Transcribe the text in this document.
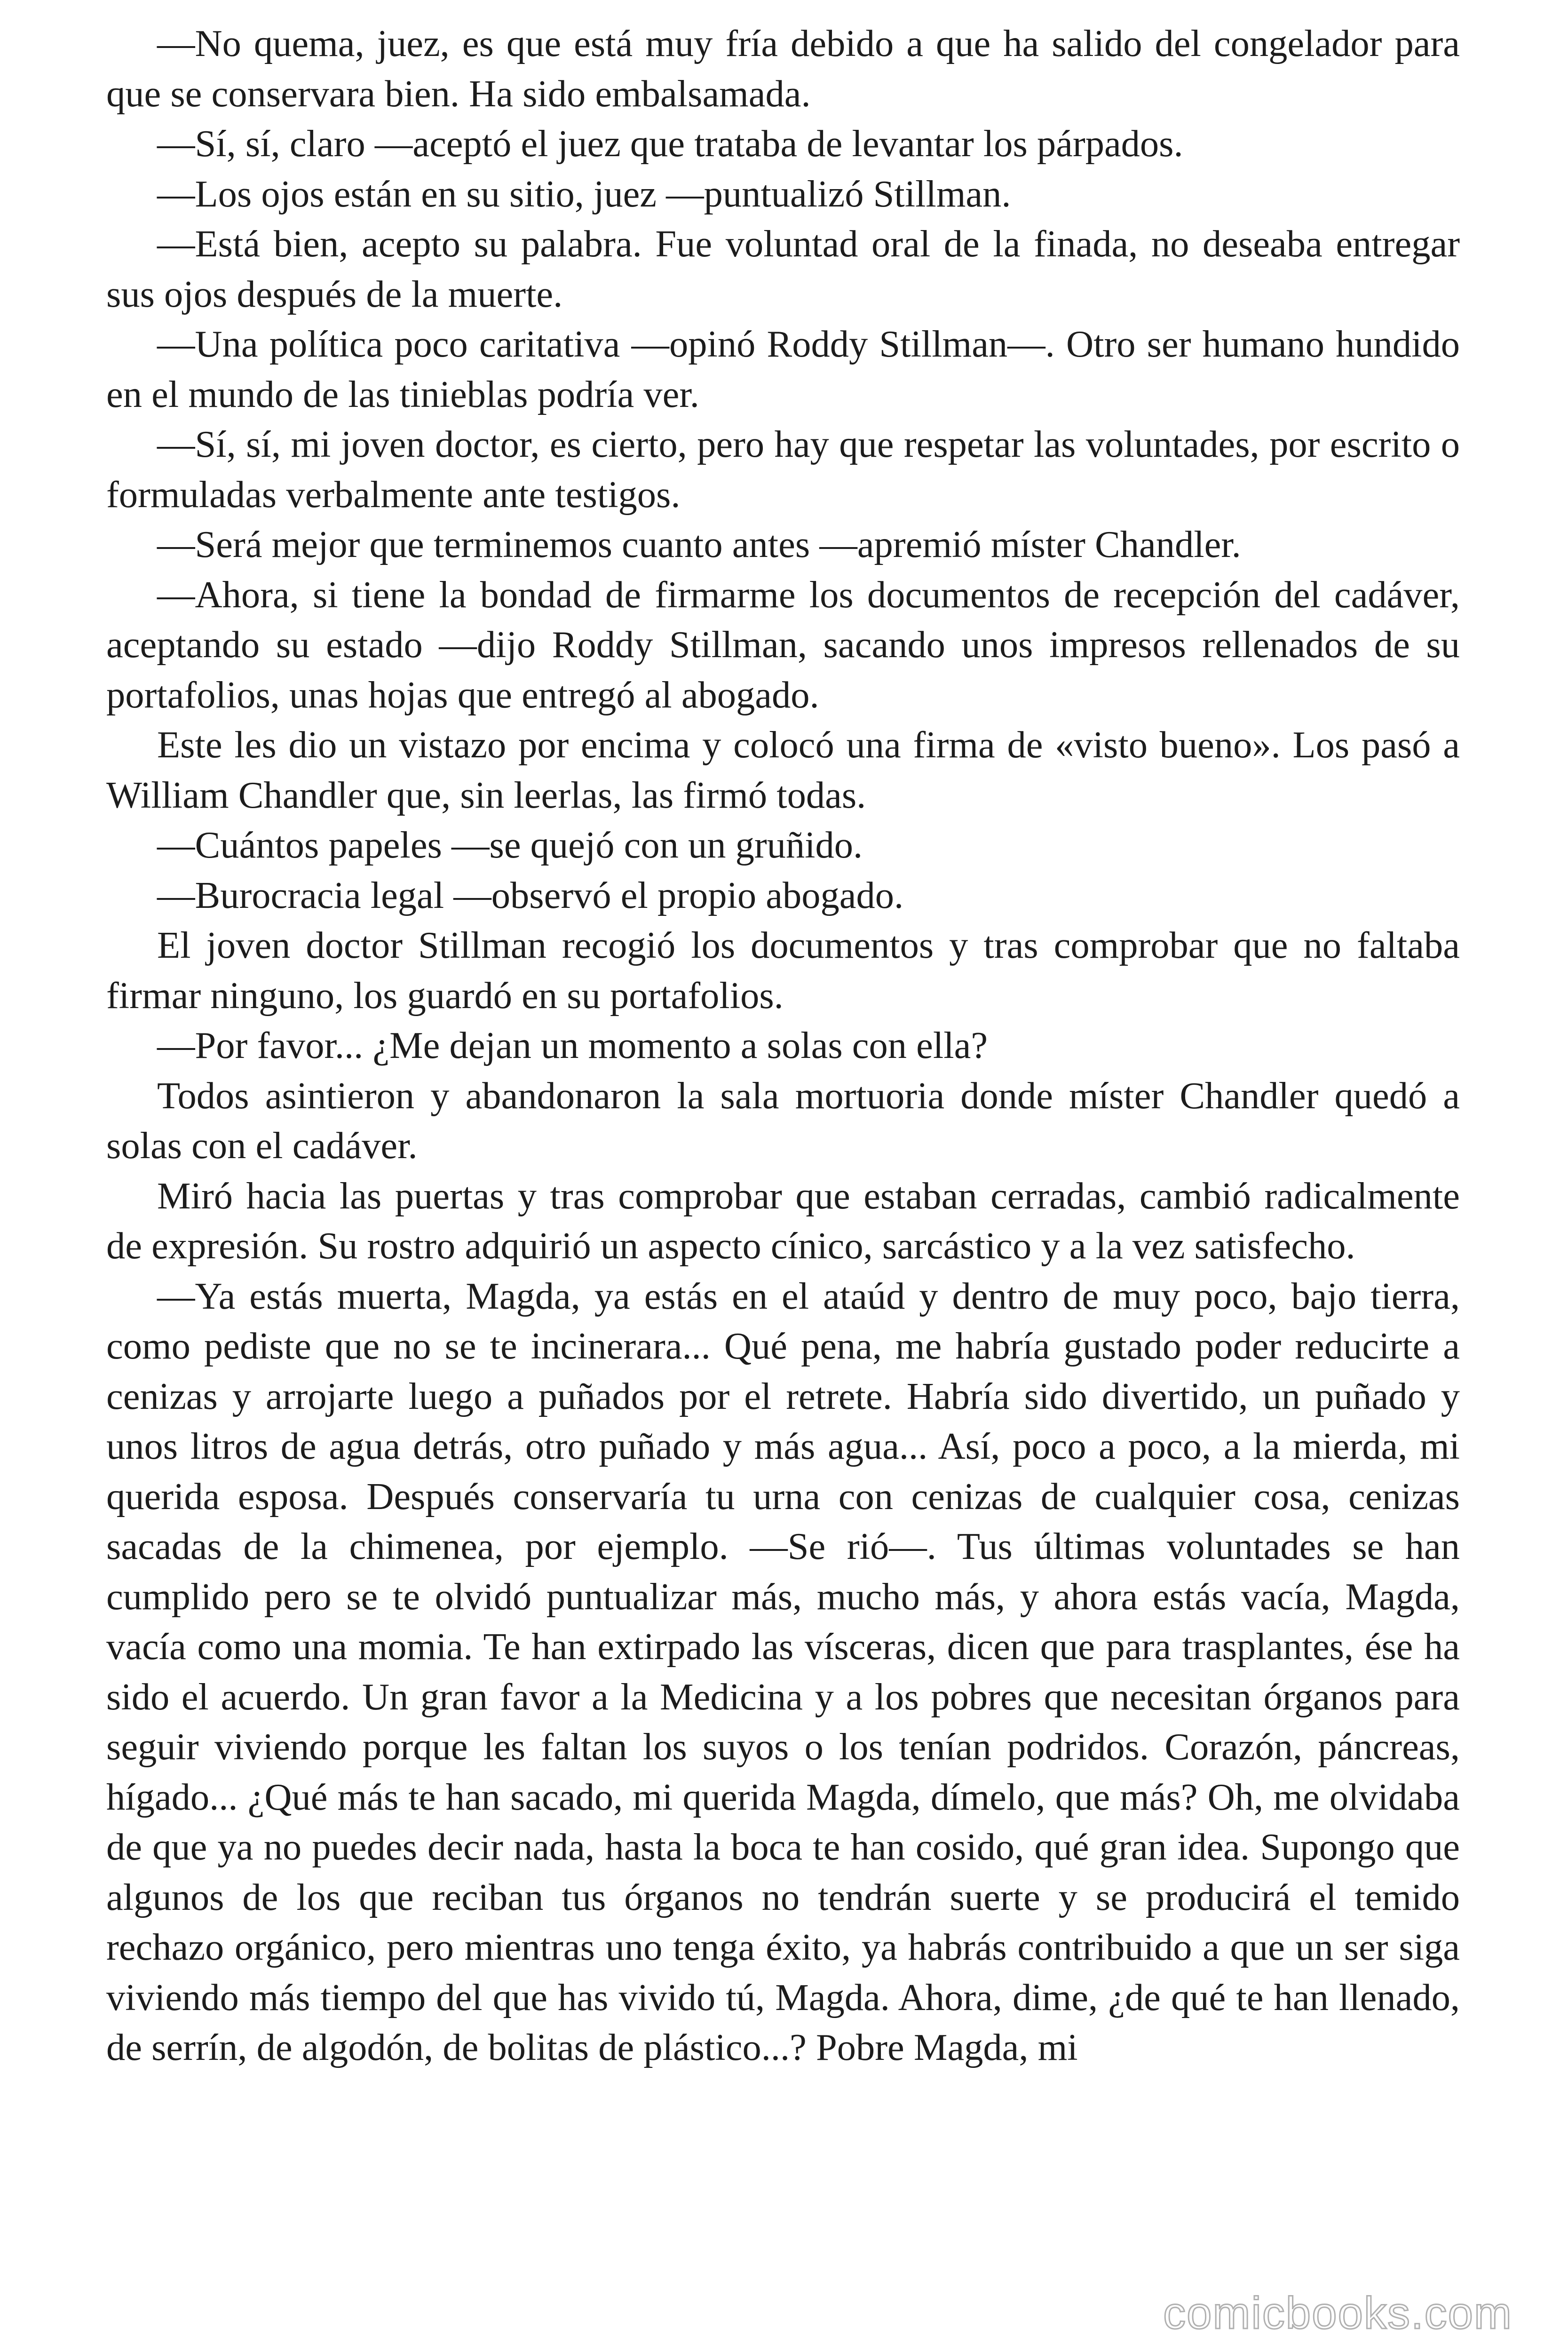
—No quema, juez, es que está muy fría debido a que ha salido del congelador para que se conservara bien. Ha sido embalsamada.

—Sí, sí, claro —aceptó el juez que trataba de levantar los párpados.

—Los ojos están en su sitio, juez —puntualizó Stillman.

—Está bien, acepto su palabra. Fue voluntad oral de la finada, no deseaba entregar sus ojos después de la muerte.

—Una política poco caritativa —opinó Roddy Stillman—. Otro ser humano hundido en el mundo de las tinieblas podría ver.

—Sí, sí, mi joven doctor, es cierto, pero hay que respetar las voluntades, por escrito o formuladas verbalmente ante testigos.

—Será mejor que terminemos cuanto antes —apremió míster Chandler.

—Ahora, si tiene la bondad de firmarme los documentos de recepción del cadáver, aceptando su estado —dijo Roddy Stillman, sacando unos impresos rellenados de su portafolios, unas hojas que entregó al abogado.

Este les dio un vistazo por encima y colocó una firma de «visto bueno». Los pasó a William Chandler que, sin leerlas, las firmó todas.

—Cuántos papeles —se quejó con un gruñido.

—Burocracia legal —observó el propio abogado.

El joven doctor Stillman recogió los documentos y tras comprobar que no faltaba firmar ninguno, los guardó en su portafolios.

—Por favor... ¿Me dejan un momento a solas con ella?

Todos asintieron y abandonaron la sala mortuoria donde míster Chandler quedó a solas con el cadáver.

Miró hacia las puertas y tras comprobar que estaban cerradas, cambió radicalmente de expresión. Su rostro adquirió un aspecto cínico, sarcástico y a la vez satisfecho.

—Ya estás muerta, Magda, ya estás en el ataúd y dentro de muy poco, bajo tierra, como pediste que no se te incinerara... Qué pena, me habría gustado poder reducirte a cenizas y arrojarte luego a puñados por el retrete. Habría sido divertido, un puñado y unos litros de agua detrás, otro puñado y más agua... Así, poco a poco, a la mierda, mi querida esposa. Después conservaría tu urna con cenizas de cualquier cosa, cenizas sacadas de la chimenea, por ejemplo. —Se rió—. Tus últimas voluntades se han cumplido pero se te olvidó puntualizar más, mucho más, y ahora estás vacía, Magda, vacía como una momia. Te han extirpado las vísceras, dicen que para trasplantes, ése ha sido el acuerdo. Un gran favor a la Medicina y a los pobres que necesitan órganos para seguir viviendo porque les faltan los suyos o los tenían podridos. Corazón, páncreas, hígado... ¿Qué más te han sacado, mi querida Magda, dímelo, que más? Oh, me olvidaba de que ya no puedes decir nada, hasta la boca te han cosido, qué gran idea. Supongo que algunos de los que reciban tus órganos no tendrán suerte y se producirá el temido rechazo orgánico, pero mientras uno tenga éxito, ya habrás contribuido a que un ser siga viviendo más tiempo del que has vivido tú, Magda. Ahora, dime, ¿de qué te han llenado, de serrín, de algodón, de bolitas de plástico...? Pobre Magda, mi

comicbooks.com
